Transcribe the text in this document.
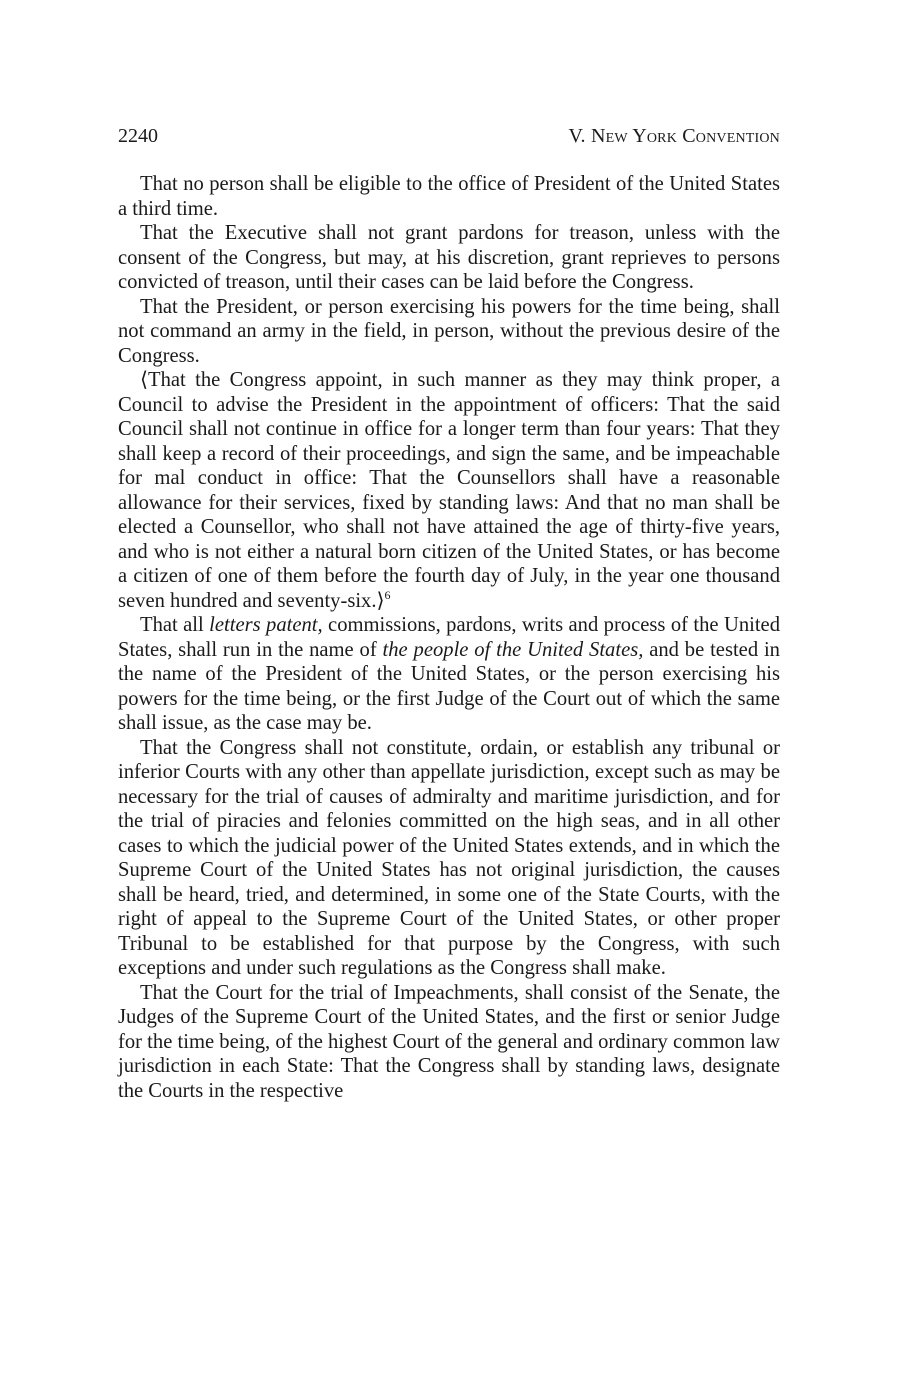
2240	V. New York Convention

That no person shall be eligible to the office of President of the United States a third time.

That the Executive shall not grant pardons for treason, unless with the consent of the Congress, but may, at his discretion, grant reprieves to persons convicted of treason, until their cases can be laid before the Congress.

That the President, or person exercising his powers for the time being, shall not command an army in the field, in person, without the previous desire of the Congress.

⟨That the Congress appoint, in such manner as they may think proper, a Council to advise the President in the appointment of officers: That the said Council shall not continue in office for a longer term than four years: That they shall keep a record of their proceedings, and sign the same, and be impeachable for mal conduct in office: That the Counsellors shall have a reasonable allowance for their services, fixed by standing laws: And that no man shall be elected a Counsellor, who shall not have attained the age of thirty-five years, and who is not either a natural born citizen of the United States, or has become a citizen of one of them before the fourth day of July, in the year one thousand seven hundred and seventy-six.⟩$^6$

That all letters patent, commissions, pardons, writs and process of the United States, shall run in the name of the people of the United States, and be tested in the name of the President of the United States, or the person exercising his powers for the time being, or the first Judge of the Court out of which the same shall issue, as the case may be.

That the Congress shall not constitute, ordain, or establish any tribunal or inferior Courts with any other than appellate jurisdiction, except such as may be necessary for the trial of causes of admiralty and maritime jurisdiction, and for the trial of piracies and felonies committed on the high seas, and in all other cases to which the judicial power of the United States extends, and in which the Supreme Court of the United States has not original jurisdiction, the causes shall be heard, tried, and determined, in some one of the State Courts, with the right of appeal to the Supreme Court of the United States, or other proper Tribunal to be established for that purpose by the Congress, with such exceptions and under such regulations as the Congress shall make.

That the Court for the trial of Impeachments, shall consist of the Senate, the Judges of the Supreme Court of the United States, and the first or senior Judge for the time being, of the highest Court of the general and ordinary common law jurisdiction in each State: That the Congress shall by standing laws, designate the Courts in the respective
